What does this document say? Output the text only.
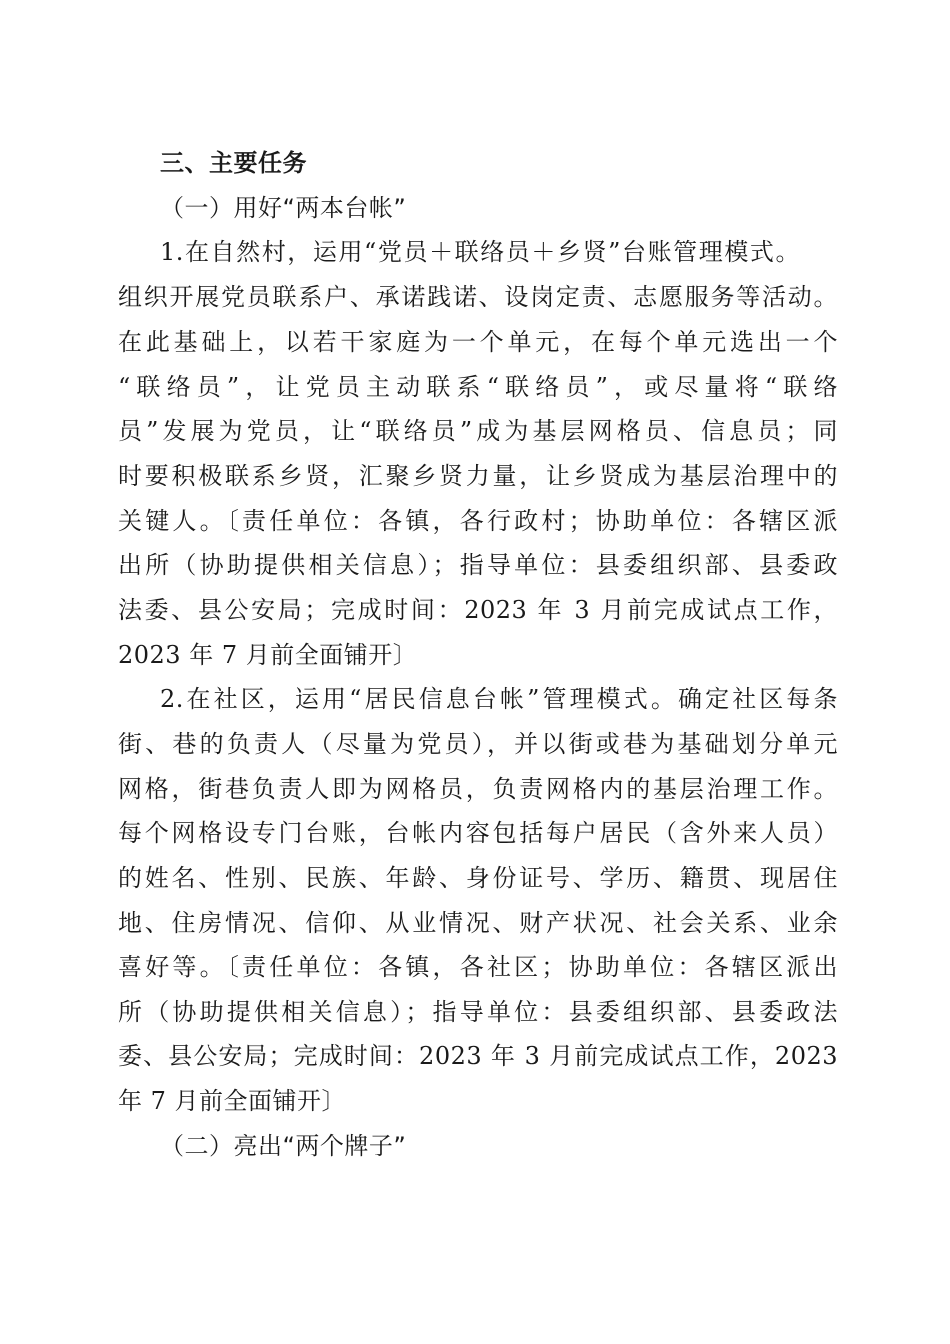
三、主要任务
（一）用好“两本台帐”
1.在自然村，运用“党员＋联络员＋乡贤”台账管理模式。
组织开展党员联系户、承诺践诺、设岗定责、志愿服务等活动。
在此基础上，以若干家庭为一个单元，在每个单元选出一个
“联络员”，让党员主动联系“联络员”，或尽量将“联络
员”发展为党员，让“联络员”成为基层网格员、信息员；同
时要积极联系乡贤，汇聚乡贤力量，让乡贤成为基层治理中的
关键人。〔责任单位：各镇，各行政村；协助单位：各辖区派
出所（协助提供相关信息）；指导单位：县委组织部、县委政
法委、县公安局；完成时间：2023 年 3 月前完成试点工作，
2023 年 7 月前全面铺开〕
2.在社区，运用“居民信息台帐”管理模式。确定社区每条
街、巷的负责人（尽量为党员），并以街或巷为基础划分单元
网格，街巷负责人即为网格员，负责网格内的基层治理工作。
每个网格设专门台账，台帐内容包括每户居民（含外来人员）
的姓名、性别、民族、年龄、身份证号、学历、籍贯、现居住
地、住房情况、信仰、从业情况、财产状况、社会关系、业余
喜好等。〔责任单位：各镇，各社区；协助单位：各辖区派出
所（协助提供相关信息）；指导单位：县委组织部、县委政法
委、县公安局；完成时间：2023 年 3 月前完成试点工作，2023
年 7 月前全面铺开〕
（二）亮出“两个牌子”
